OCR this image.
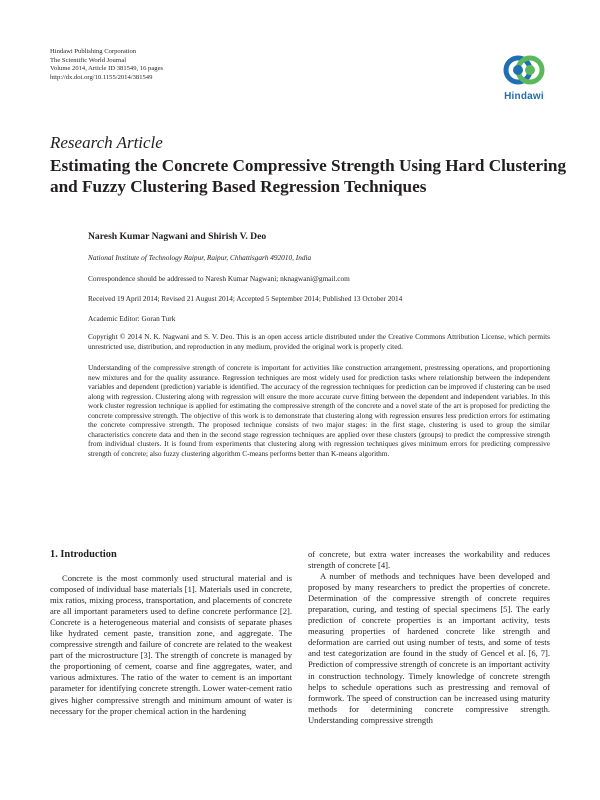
Hindawi Publishing Corporation
The Scientific World Journal
Volume 2014, Article ID 381549, 16 pages
http://dx.doi.org/10.1155/2014/381549
Hindawi
Research Article
Estimating the Concrete Compressive Strength Using Hard Clustering and Fuzzy Clustering Based Regression Techniques
Naresh Kumar Nagwani and Shirish V. Deo
National Institute of Technology Raipur, Raipur, Chhattisgarh 492010, India
Correspondence should be addressed to Naresh Kumar Nagwani; nknagwani@gmail.com
Received 19 April 2014; Revised 21 August 2014; Accepted 5 September 2014; Published 13 October 2014
Academic Editor: Goran Turk
Copyright © 2014 N. K. Nagwani and S. V. Deo. This is an open access article distributed under the Creative Commons Attribution License, which permits unrestricted use, distribution, and reproduction in any medium, provided the original work is properly cited.
Understanding of the compressive strength of concrete is important for activities like construction arrangement, prestressing operations, and proportioning new mixtures and for the quality assurance. Regression techniques are most widely used for prediction tasks where relationship between the independent variables and dependent (prediction) variable is identified. The accuracy of the regression techniques for prediction can be improved if clustering can be used along with regression. Clustering along with regression will ensure the more accurate curve fitting between the dependent and independent variables. In this work cluster regression technique is applied for estimating the compressive strength of the concrete and a novel state of the art is proposed for predicting the concrete compressive strength. The objective of this work is to demonstrate that clustering along with regression ensures less prediction errors for estimating the concrete compressive strength. The proposed technique consists of two major stages: in the first stage, clustering is used to group the similar characteristics concrete data and then in the second stage regression techniques are applied over these clusters (groups) to predict the compressive strength from individual clusters. It is found from experiments that clustering along with regression techniques gives minimum errors for predicting compressive strength of concrete; also fuzzy clustering algorithm C-means performs better than K-means algorithm.
1. Introduction

Concrete is the most commonly used structural material and is composed of individual base materials [1]. Materials used in concrete, mix ratios, mixing process, transportation, and placements of concrete are all important parameters used to define concrete performance [2]. Concrete is a heterogeneous material and consists of separate phases like hydrated cement paste, transition zone, and aggregate. The compressive strength and failure of concrete are related to the weakest part of the microstructure [3]. The strength of concrete is managed by the proportioning of cement, coarse and fine aggregates, water, and various admixtures. The ratio of the water to cement is an important parameter for identifying concrete strength. Lower water-cement ratio gives higher compressive strength and minimum amount of water is necessary for the proper chemical action in the hardening

of concrete, but extra water increases the workability and reduces strength of concrete [4].

A number of methods and techniques have been developed and proposed by many researchers to predict the properties of concrete. Determination of the compressive strength of concrete requires preparation, curing, and testing of special specimens [5]. The early prediction of concrete properties is an important activity, tests measuring properties of hardened concrete like strength and deformation are carried out using number of tests, and some of tests and test categorization are found in the study of Gencel et al. [6, 7]. Prediction of compressive strength of concrete is an important activity in construction technology. Timely knowledge of concrete strength helps to schedule operations such as prestressing and removal of formwork. The speed of construction can be increased using maturity methods for determining concrete compressive strength. Understanding compressive strength
